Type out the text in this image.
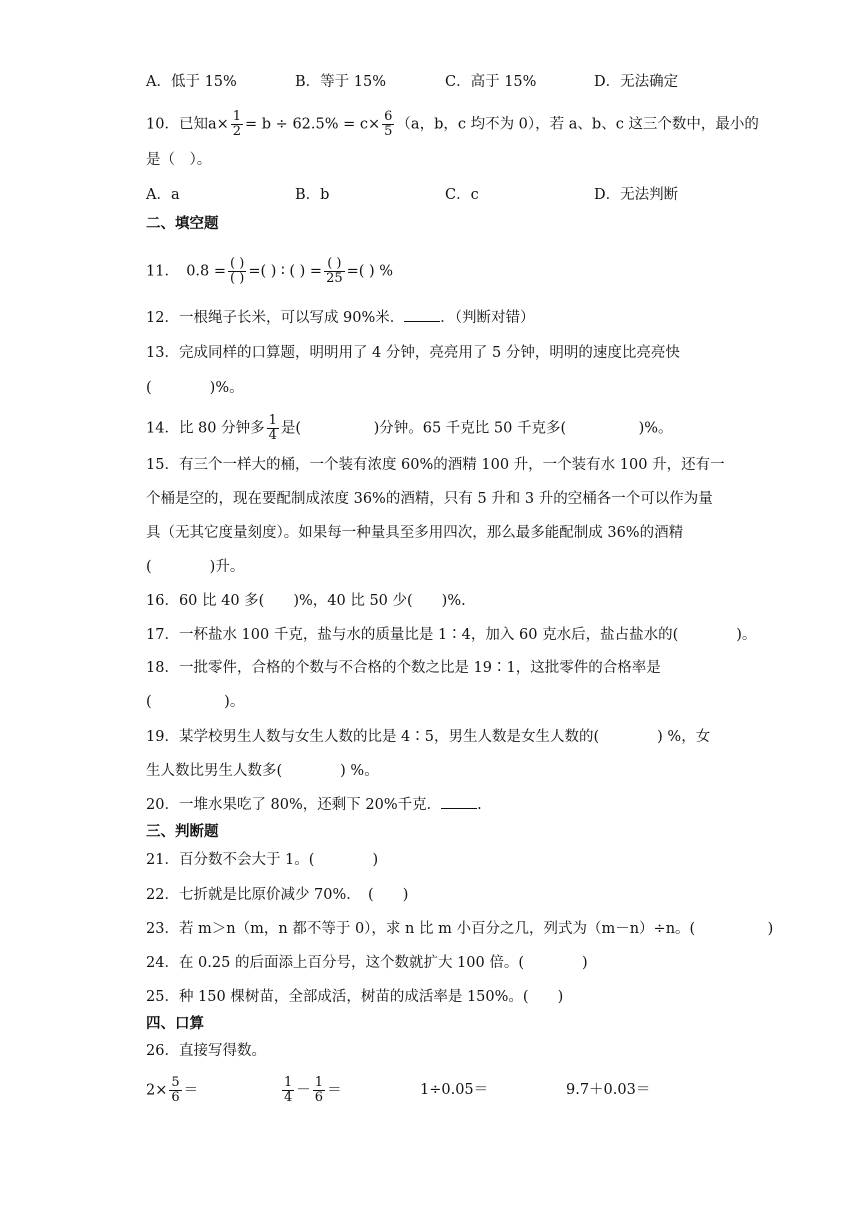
A．低于 15%	B．等于 15%	C．高于 15%	D．无法确定
10．已知$a\times \frac{1}{2} = b \div 62.5\% = c\times \frac{6}{5} (a$，b，c 均不为 0），若 a、b、c 这三个数中，最小的
是（　）。
A．a	B．b	C．c	D．无法判断
二、填空题
11．　$0.8 = \frac{( )}{( )}$ =( ) ∶ ( ) = $\frac{( )}{25}$ =( ) %
12．一根绳子长米，可以写成 90%米． ．（判断对错）
13．完成同样的口算题，明明用了 4 分钟，亮亮用了 5 分钟，明明的速度比亮亮快
(　　　　)%。
14．比 80 分钟多 $\frac{1}{4}$ 是(　　　　　)分钟。65 千克比 50 千克多(　　　　　)%。
15．有三个一样大的桶，一个装有浓度 60%的酒精 100 升，一个装有水 100 升，还有一
个桶是空的，现在要配制成浓度 36%的酒精，只有 5 升和 3 升的空桶各一个可以作为量
具（无其它度量刻度）。如果每一种量具至多用四次，那么最多能配制成 36%的酒精
(　　　　)升。
16．60 比 40 多(　　)%，40 比 50 少(　　)%.
17．一杯盐水 100 千克，盐与水的质量比是 1∶4，加入 60 克水后，盐占盐水的(　　　　)。
18．一批零件，合格的个数与不合格的个数之比是 19∶1，这批零件的合格率是
(　　　　　)。
19．某学校男生人数与女生人数的比是 4∶5，男生人数是女生人数的(　　　　) %，女
生人数比男生人数多(　　　　) %。
20．一堆水果吃了 80%，还剩下 20%千克． .
三、判断题
21．百分数不会大于 1。(　　　　)
22．七折就是比原价减少 70%．　(　　)
23．若 m＞n（m，n 都不等于 0），求 n 比 m 小百分之几，列式为（m－n）÷n。(　　　　　)
24．在 0.25 的后面添上百分号，这个数就扩大 100 倍。(　　　　)
25．种 150 棵树苗，全部成活，树苗的成活率是 150%。(　　)
四、口算
26．直接写得数。
$2\times \frac{5}{6}$ ＝	$\frac{1}{4} - \frac{1}{6}$ ＝	1÷0.05＝	9.7＋0.03＝
